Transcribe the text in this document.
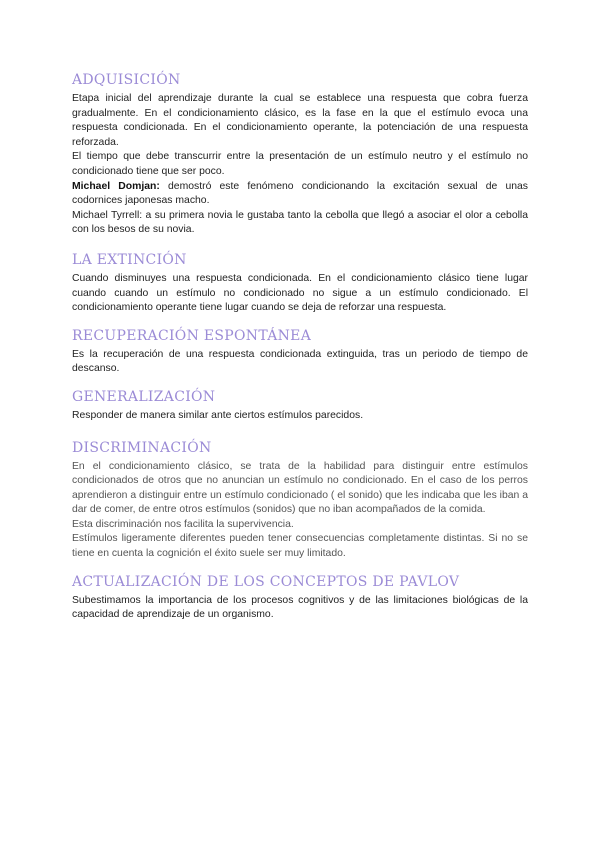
ADQUISICIÓN

Etapa inicial del aprendizaje durante la cual se establece una respuesta que cobra fuerza gradualmente. En el condicionamiento clásico, es la fase en la que el estímulo evoca una respuesta condicionada. En el condicionamiento operante, la potenciación de una respuesta reforzada.

El tiempo que debe transcurrir entre la presentación de un estímulo neutro y el estímulo no condicionado tiene que ser poco.

Michael Domjan: demostró este fenómeno condicionando la excitación sexual de unas codornices japonesas macho.

Michael Tyrrell: a su primera novia le gustaba tanto la cebolla que llegó a asociar el olor a cebolla con los besos de su novia.

LA EXTINCIÓN

Cuando disminuyes una respuesta condicionada. En el condicionamiento clásico tiene lugar cuando cuando un estímulo no condicionado no sigue a un estímulo condicionado. El condicionamiento operante tiene lugar cuando se deja de reforzar una respuesta.

RECUPERACIÓN ESPONTÁNEA

Es la recuperación de una respuesta condicionada extinguida, tras un periodo de tiempo de descanso.

GENERALIZACIÓN

Responder de manera similar ante ciertos estímulos parecidos.

DISCRIMINACIÓN

En el condicionamiento clásico, se trata de la habilidad para distinguir entre estímulos condicionados de otros que no anuncian un estímulo no condicionado. En el caso de los perros aprendieron a distinguir entre un estímulo condicionado ( el sonido) que les indicaba que les iban a dar de comer, de entre otros estímulos (sonidos) que no iban acompañados de la comida.

Esta discriminación nos facilita la supervivencia.

Estímulos ligeramente diferentes pueden tener consecuencias completamente distintas. Si no se tiene en cuenta la cognición el éxito suele ser muy limitado.

ACTUALIZACIÓN DE LOS CONCEPTOS DE PAVLOV

Subestimamos la importancia de los procesos cognitivos y de las limitaciones biológicas de la capacidad de aprendizaje de un organismo.
